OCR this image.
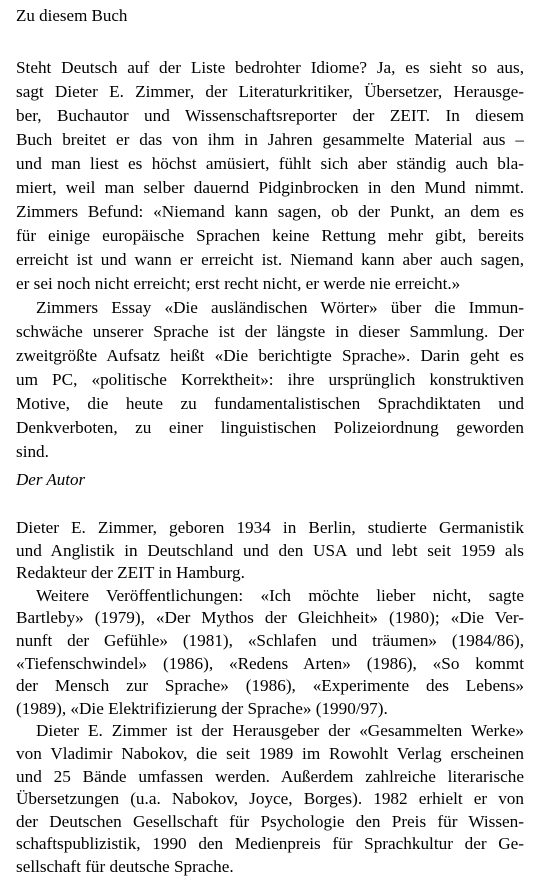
Zu diesem Buch
Steht Deutsch auf der Liste bedrohter Idiome? Ja, es sieht so aus,
sagt Dieter E. Zimmer, der Literaturkritiker, Übersetzer, Herausge-
ber, Buchautor und Wissenschaftsreporter der ZEIT. In diesem
Buch breitet er das von ihm in Jahren gesammelte Material aus –
und man liest es höchst amüsiert, fühlt sich aber ständig auch bla-
miert, weil man selber dauernd Pidginbrocken in den Mund nimmt.
Zimmers Befund: «Niemand kann sagen, ob der Punkt, an dem es
für einige europäische Sprachen keine Rettung mehr gibt, bereits
erreicht ist und wann er erreicht ist. Niemand kann aber auch sagen,
er sei noch nicht erreicht; erst recht nicht, er werde nie erreicht.»
Zimmers Essay «Die ausländischen Wörter» über die Immun-
schwäche unserer Sprache ist der längste in dieser Sammlung. Der
zweitgrößte Aufsatz heißt «Die berichtigte Sprache». Darin geht es
um PC, «politische Korrektheit»: ihre ursprünglich konstruktiven
Motive, die heute zu fundamentalistischen Sprachdiktaten und
Denkverboten, zu einer linguistischen Polizeiordnung geworden
sind.
Der Autor
Dieter E. Zimmer, geboren 1934 in Berlin, studierte Germanistik
und Anglistik in Deutschland und den USA und lebt seit 1959 als
Redakteur der ZEIT in Hamburg.
Weitere Veröffentlichungen: «Ich möchte lieber nicht, sagte
Bartleby» (1979), «Der Mythos der Gleichheit» (1980); «Die Ver-
nunft der Gefühle» (1981), «Schlafen und träumen» (1984/86),
«Tiefenschwindel» (1986), «Redens Arten» (1986), «So kommt
der Mensch zur Sprache» (1986), «Experimente des Lebens»
(1989), «Die Elektrifizierung der Sprache» (1990/97).
Dieter E. Zimmer ist der Herausgeber der «Gesammelten Werke»
von Vladimir Nabokov, die seit 1989 im Rowohlt Verlag erscheinen
und 25 Bände umfassen werden. Außerdem zahlreiche literarische
Übersetzungen (u.a. Nabokov, Joyce, Borges). 1982 erhielt er von
der Deutschen Gesellschaft für Psychologie den Preis für Wissen-
schaftspublizistik, 1990 den Medienpreis für Sprachkultur der Ge-
sellschaft für deutsche Sprache.
